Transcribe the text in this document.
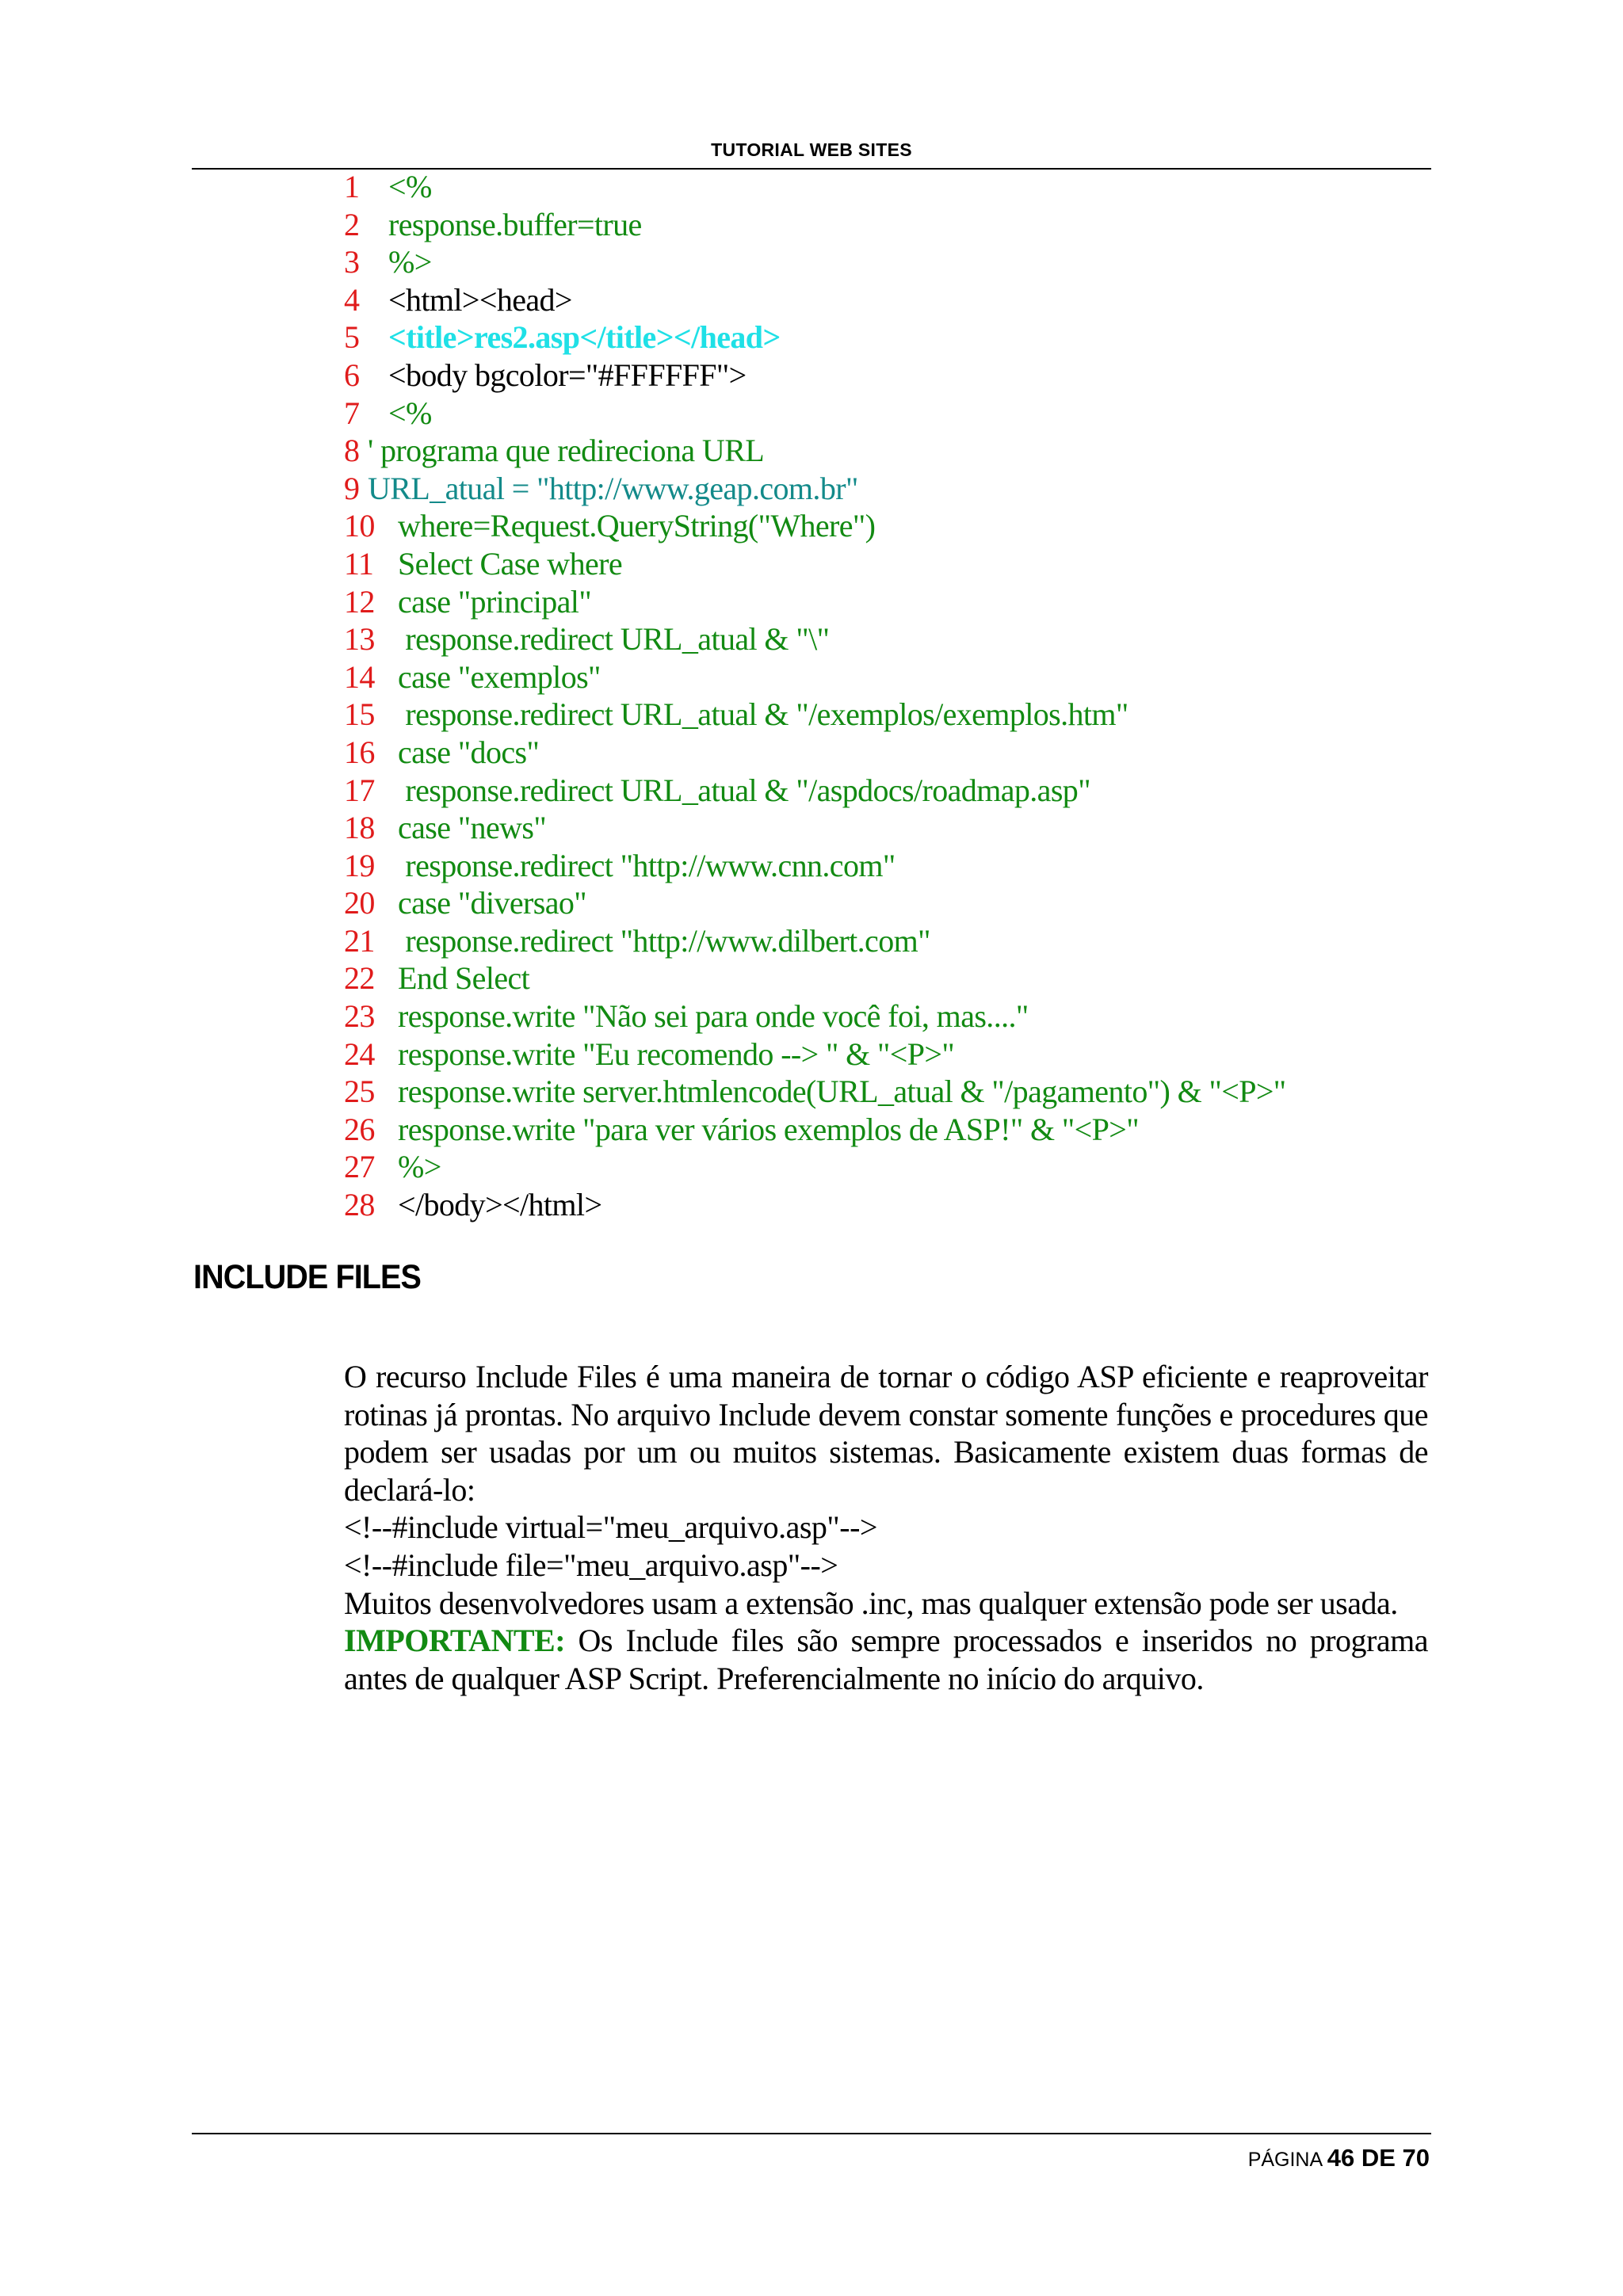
TUTORIAL WEB SITES
1 <%
2 response.buffer=true
3 %>
4 <html><head>
5 <title>res2.asp</title></head>
6 <body bgcolor="#FFFFFF">
7 <%
8 ' programa que redireciona URL
9 URL_atual = "http://www.geap.com.br"
10 where=Request.QueryString("Where")
11 Select Case where
12 case "principal"
13 response.redirect URL_atual & "\"
14 case "exemplos"
15 response.redirect URL_atual & "/exemplos/exemplos.htm"
16 case "docs"
17 response.redirect URL_atual & "/aspdocs/roadmap.asp"
18 case "news"
19 response.redirect "http://www.cnn.com"
20 case "diversao"
21 response.redirect "http://www.dilbert.com"
22 End Select
23 response.write "Não sei para onde você foi, mas...."
24 response.write "Eu recomendo --> " & "<P>"
25 response.write server.htmlencode(URL_atual & "/pagamento") & "<P>"
26 response.write "para ver vários exemplos de ASP!" & "<P>"
27 %>
28 </body></html>
INCLUDE FILES

O recurso Include Files é uma maneira de tornar o código ASP eficiente e reaproveitar rotinas já prontas. No arquivo Include devem constar somente funções e procedures que podem ser usadas por um ou muitos sistemas. Basicamente existem duas formas de declará-lo:

<!--#include virtual="meu_arquivo.asp"-->

<!--#include file="meu_arquivo.asp"-->

Muitos desenvolvedores usam a extensão .inc, mas qualquer extensão pode ser usada.

IMPORTANTE: Os Include files são sempre processados e inseridos no programa antes de qualquer ASP Script. Preferencialmente no início do arquivo.

PÁGINA 46 DE 70
